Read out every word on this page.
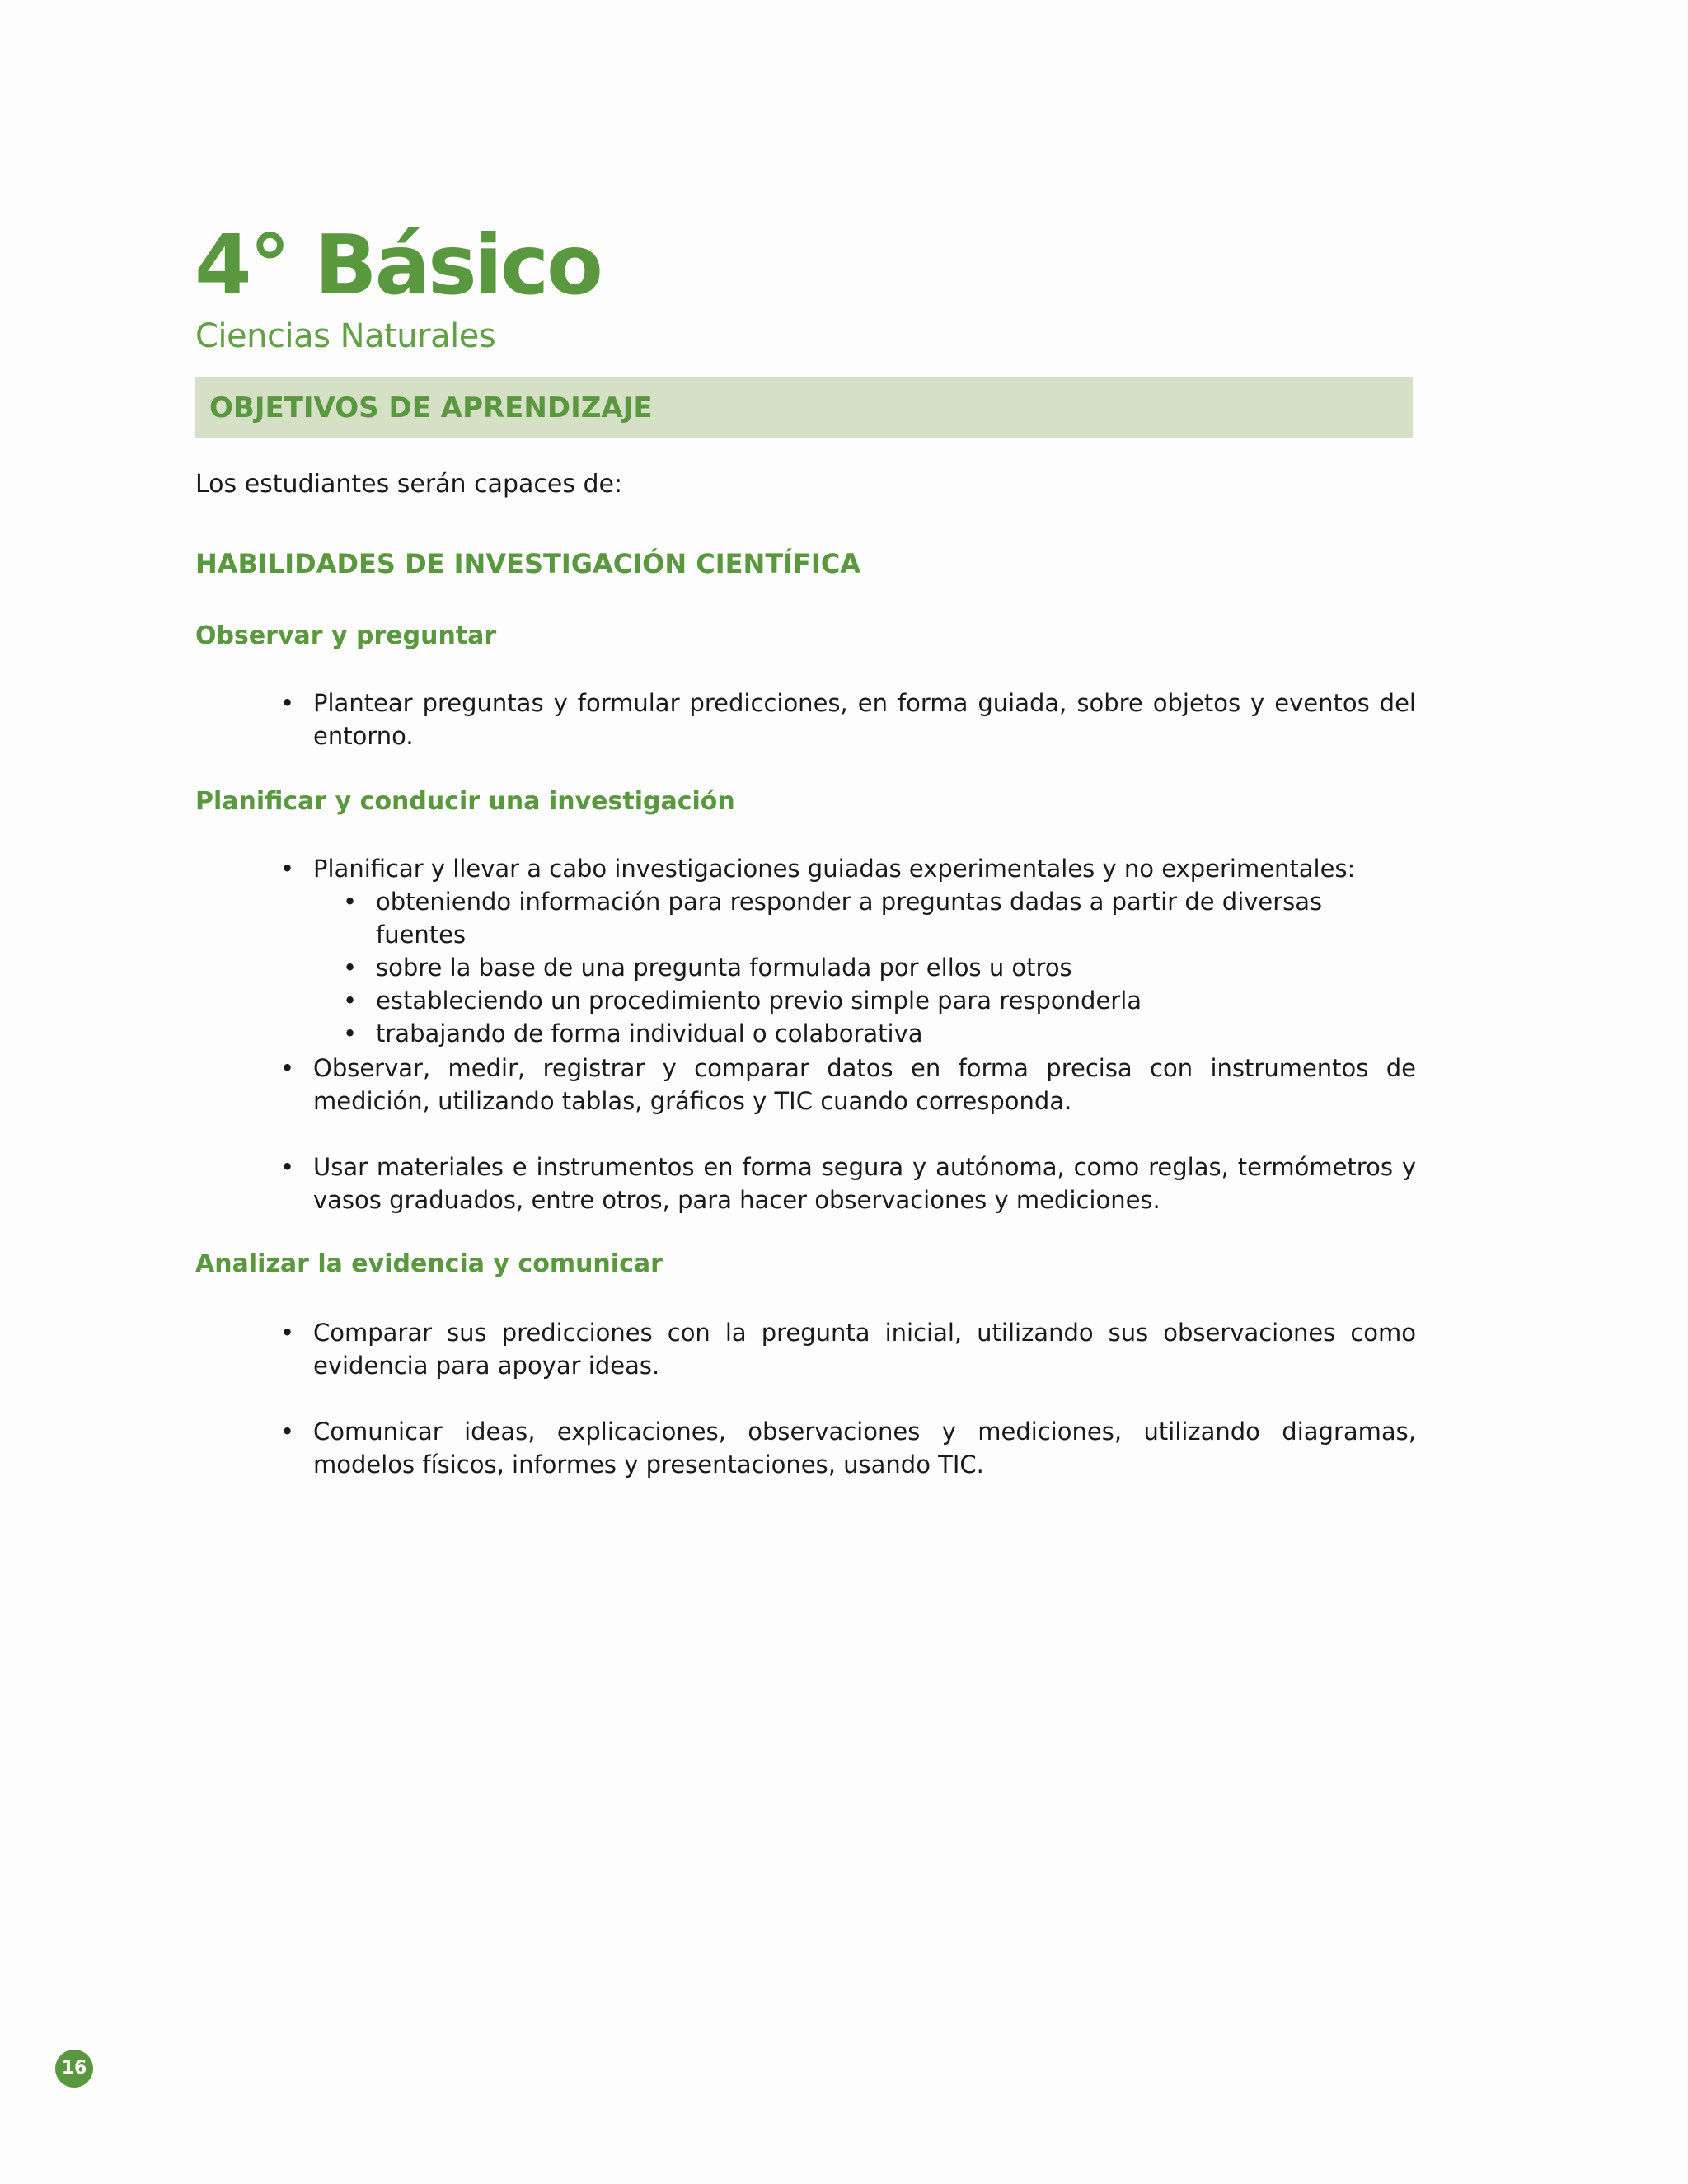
4° Básico
Ciencias Naturales
OBJETIVOS DE APRENDIZAJE

Los estudiantes serán capaces de:

HABILIDADES DE INVESTIGACIÓN CIENTÍFICA
Observar y preguntar
• Plantear preguntas y formular predicciones, en forma guiada, sobre objetos y eventos del entorno.
Planificar y conducir una investigación
• Planificar y llevar a cabo investigaciones guiadas experimentales y no experimentales:
• obteniendo información para responder a preguntas dadas a partir de diversas fuentes
• sobre la base de una pregunta formulada por ellos u otros
• estableciendo un procedimiento previo simple para responderla
• trabajando de forma individual o colaborativa
• Observar, medir, registrar y comparar datos en forma precisa con instrumentos de medición, utilizando tablas, gráficos y TIC cuando corresponda.
• Usar materiales e instrumentos en forma segura y autónoma, como reglas, termómetros y vasos graduados, entre otros, para hacer observaciones y mediciones.
Analizar la evidencia y comunicar
• Comparar sus predicciones con la pregunta inicial, utilizando sus observaciones como evidencia para apoyar ideas.
• Comunicar ideas, explicaciones, observaciones y mediciones, utilizando diagramas, modelos físicos, informes y presentaciones, usando TIC.
16
